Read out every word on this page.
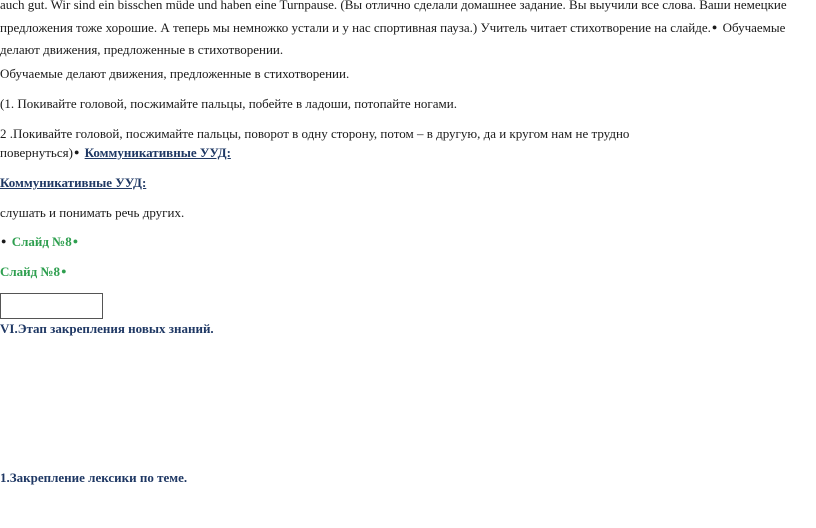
auch gut. Wir sind ein bisschen müde und haben eine Turnpause. (Вы отлично сделали домашнее задание. Вы выучили все слова. Ваши немецкие предложения тоже хорошие. А теперь мы немножко устали и у нас спортивная пауза.) Учитель читает стихотворение на слайде.● Обучаемые делают движения, предложенные в стихотворении.
Обучаемые делают движения, предложенные в стихотворении.
(1. Покивайте головой, посжимайте пальцы, побейте в ладоши, потопайте ногами.
2 .Покивайте головой, посжимайте пальцы, поворот в одну сторону, потом – в другую, да и кругом нам не трудно
повернуться)● Коммуникативные УУД:
Коммуникативные УУД:
слушать и понимать речь других.
● Слайд №8●
Слайд №8●
VI.Этап закрепления новых знаний.
1.Закрепление лексики по теме.
